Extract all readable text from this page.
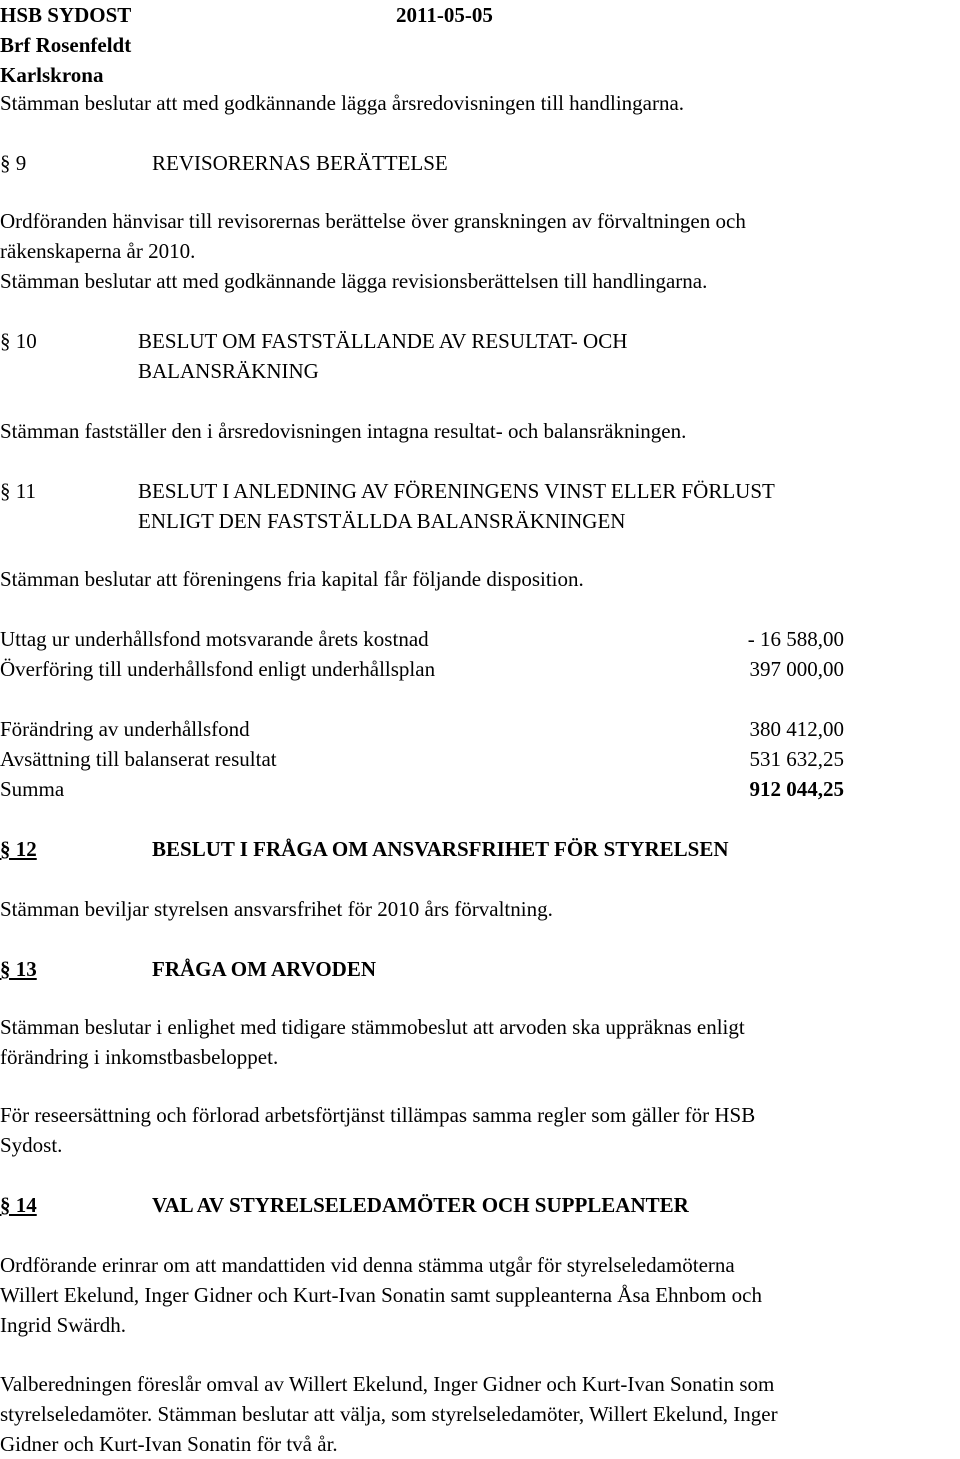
HSB SYDOST	2011-05-05
Brf Rosenfeldt
Karlskrona
Stämman beslutar att med godkännande lägga årsredovisningen till handlingarna.
§ 9	REVISORERNAS BERÄTTELSE
Ordföranden hänvisar till revisorernas berättelse över granskningen av förvaltningen och
räkenskaperna år 2010.
Stämman beslutar att med godkännande lägga revisionsberättelsen till handlingarna.
§ 10	BESLUT OM FASTSTÄLLANDE AV RESULTAT- OCH
BALANSRÄKNING
Stämman fastställer den i årsredovisningen intagna resultat- och balansräkningen.
§ 11	BESLUT I ANLEDNING AV FÖRENINGENS VINST ELLER FÖRLUST
ENLIGT DEN FASTSTÄLLDA BALANSRÄKNINGEN
Stämman beslutar att föreningens fria kapital får följande disposition.
Uttag ur underhållsfond motsvarande årets kostnad	- 16 588,00
Överföring till underhållsfond enligt underhållsplan	397 000,00
Förändring av underhållsfond	380 412,00
Avsättning till balanserat resultat	531 632,25
Summa	912 044,25
§ 12	BESLUT I FRÅGA OM ANSVARSFRIHET FÖR STYRELSEN
Stämman beviljar styrelsen ansvarsfrihet för 2010 års förvaltning.
§ 13	FRÅGA OM ARVODEN
Stämman beslutar i enlighet med tidigare stämmobeslut att arvoden ska uppräknas enligt
förändring i inkomstbasbeloppet.
För reseersättning och förlorad arbetsförtjänst tillämpas samma regler som gäller för HSB
Sydost.
§ 14	VAL AV STYRELSELEDAMÖTER OCH SUPPLEANTER
Ordförande erinrar om att mandattiden vid denna stämma utgår för styrelseledamöterna
Willert Ekelund, Inger Gidner och Kurt-Ivan Sonatin samt suppleanterna Åsa Ehnbom och
Ingrid Swärdh.
Valberedningen föreslår omval av Willert Ekelund, Inger Gidner och Kurt-Ivan Sonatin som
styrelseledamöter. Stämman beslutar att välja, som styrelseledamöter, Willert Ekelund, Inger
Gidner och Kurt-Ivan Sonatin för två år.
